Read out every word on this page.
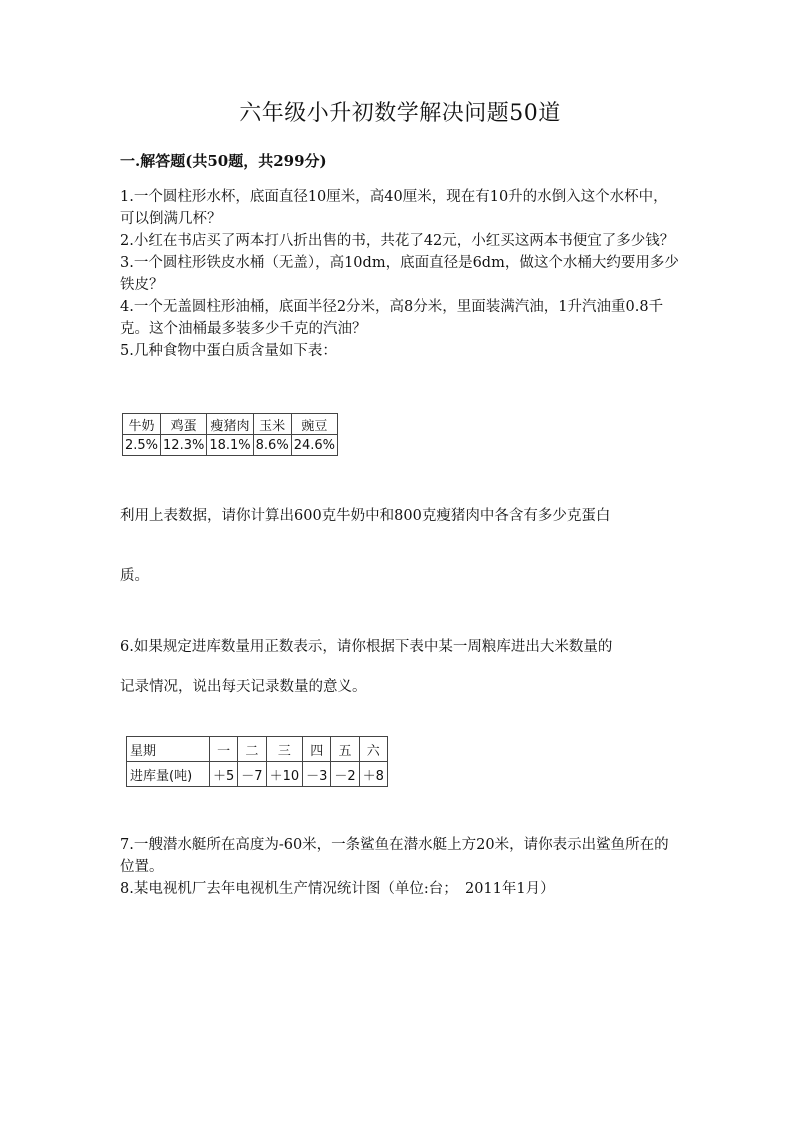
六年级小升初数学解决问题50道
一.解答题(共50题，共299分)

1.一个圆柱形水杯，底面直径10厘米，高40厘米，现在有10升的水倒入这个水杯中，可以倒满几杯？

2.小红在书店买了两本打八折出售的书，共花了42元，小红买这两本书便宜了多少钱？

3.一个圆柱形铁皮水桶（无盖），高10dm，底面直径是6dm，做这个水桶大约要用多少铁皮？

4.一个无盖圆柱形油桶，底面半径2分米，高8分米，里面装满汽油，1升汽油重0.8千克。这个油桶最多装多少千克的汽油？

5.几种食物中蛋白质含量如下表：

牛奶	鸡蛋	瘦猪肉	玉米	豌豆
2.5%	12.3%	18.1%	8.6%	24.6%

利用上表数据，请你计算出600克牛奶中和800克瘦猪肉中各含有多少克蛋白

质。

6.如果规定进库数量用正数表示，请你根据下表中某一周粮库进出大米数量的

记录情况，说出每天记录数量的意义。

星期	一	二	三	四	五	六
进库量(吨)	＋5	－7	＋10	－3	－2	＋8

7.一艘潜水艇所在高度为-60米，一条鲨鱼在潜水艇上方20米，请你表示出鲨鱼所在的位置。

8.某电视机厂去年电视机生产情况统计图（单位:台；　2011年1月）
